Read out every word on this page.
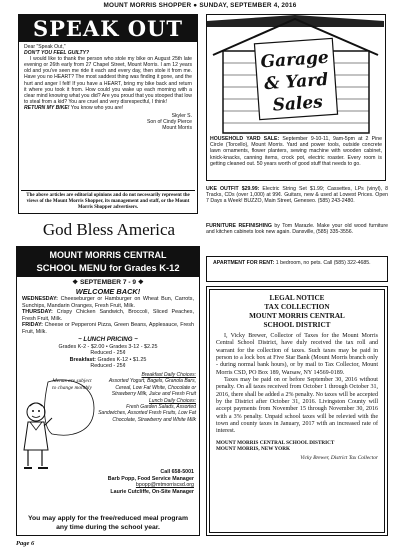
MOUNT MORRIS SHOPPER ● SUNDAY, SEPTEMBER 4, 2016
SPEAK OUT
Dear "Speak Out,"
DON'T YOU FEEL GUILTY?

I would like to thank the person who stole my bike on August 25th late evening or 26th early from 27 Chapel Street, Mount Morris. I am 12 years old and you've seen me ride it each and every day, then stole it from me. Have you no HEART? The most saddest thing was finding it gone, and the hurt and anger I felt! If you have a HEART, bring my bike back and return it where you took it from. How could you wake up each morning with a clear mind knowing what you did? Are you proud that you stooped that low to steal from a kid? You are cruel and very disrespectful, I think!

RETURN MY BIKE! You know who you are!

Skyler S.
Son of Cindy Pierce
Mount Morris
The above articles are editorial opinions and do not necessarily represent the views of the Mount Morris Shopper, its management and staff, or the Mount Morris Shopper advertisers.
God Bless America
MOUNT MORRIS CENTRAL
SCHOOL MENU for Grades K-12
❖ SEPTEMBER 7 - 9 ❖
WELCOME BACK!
WEDNESDAY: Cheeseburger or Hamburger on Wheat Bun, Carrots, Sunchips, Mandarin Oranges, Fresh Fruit, Milk.
THURSDAY: Crispy Chicken Sandwich, Broccoli, Sliced Peaches, Fresh Fruit, Milk.
FRIDAY: Cheese or Pepperoni Pizza, Green Beans, Applesauce, Fresh Fruit, Milk.
~ LUNCH PRICING ~
Grades K-2 - $2.00 • Grades 3-12 - $2.25
Reduced - 25¢
Breakfast: Grades K-12 • $1.25
Reduced - 25¢
Menus are subject to change monthly
Breakfast Daily Choices:
Assorted Yogurt, Bagels, Granola Bars, Cereal, Low Fat White, Chocolate or Strawberry Milk, Juice and Fresh Fruit
Lunch Daily Choices:
Fresh Garden Salads, Assorted Sandwiches, Assorted Fresh Fruits, Low Fat Chocolate, Strawberry and White Milk
Call 658-5001
Barb Popp, Food Service Manager
bpopp@mtmorriscsd.org
Laurie Cutcliffe, On-Site Manager
You may apply for the free/reduced meal program any time during the school year.
Page 6
Garage
& Yard
Sales
HOUSEHOLD YARD SALE: September 9-10-11, 9am-5pm at 2 Pine Circle (Torcello), Mount Morris. Yard and power tools, outside concrete lawn ornaments, flower planters, sewing machine with wooden cabinet, knick-knacks, canning items, crock pot, electric roaster. Every room is getting cleaned out. 50 years worth of good stuff that needs to go.
UKE OUTFIT $29.99: Electric String Set $1.99; Cassettes, LPs (vinyl), 8 Tracks, CDs (over 1,000) at 99¢. Guitars, new & used at Lowest Prices. Open 7 Days a Week! BUZZO, Main Street, Geneseo. (585) 243-2480.
FURNITURE REFINISHING by Tom Marazle. Make your old wood furniture and kitchen cabinets look new again. Dansville, (585) 335-3556.
APARTMENT FOR RENT: 1 bedroom, no pets. Call (585) 322-4685.
LEGAL NOTICE
TAX COLLECTION
MOUNT MORRIS CENTRAL
SCHOOL DISTRICT

I, Vicky Brewer, Collector of Taxes for the Mount Morris Central School District, have duly received the tax roll and warrant for the collection of taxes. Such taxes may be paid in person to a lock box at Five Star Bank (Mount Morris branch only - during normal bank hours), or by mail to Tax Collector, Mount Morris CSD, PO Box 189, Warsaw, NY 14569-0189.

Taxes may be paid on or before September 30, 2016 without penalty. On all taxes received from October 1 through October 31, 2016, there shall be added a 2% penalty. No taxes will be accepted by the District after October 31, 2016. Livingston County will accept payments from November 15 through November 30, 2016 with a 3% penalty. Unpaid school taxes will be relevied with the town and county taxes in January, 2017 with an increased rate of interest.

MOUNT MORRIS CENTRAL SCHOOL DISTRICT
MOUNT MORRIS, NEW YORK
Vicky Brewer, District Tax Collector
